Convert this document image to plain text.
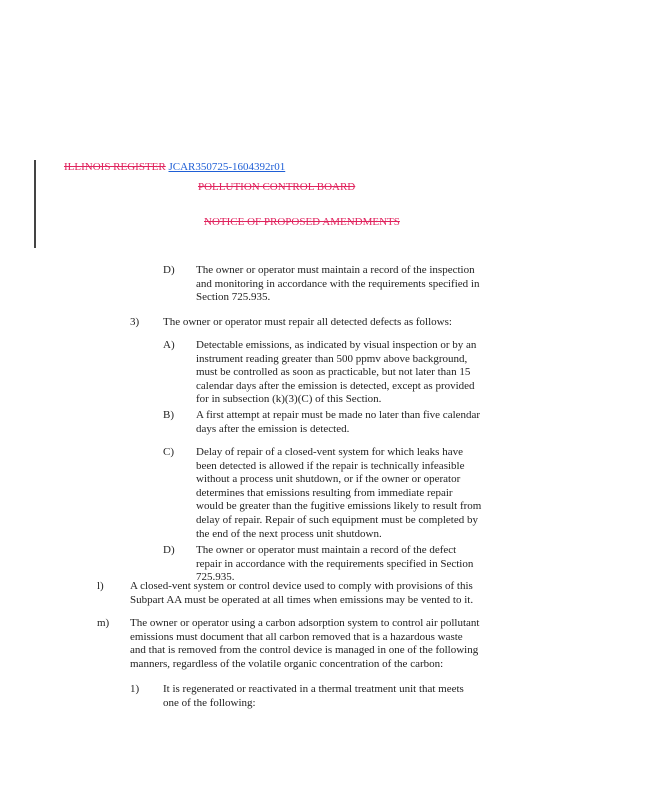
ILLINOIS REGISTER JCAR350725-1604392r01
POLLUTION CONTROL BOARD
NOTICE OF PROPOSED AMENDMENTS
D) The owner or operator must maintain a record of the inspection and monitoring in accordance with the requirements specified in Section 725.935.
3) The owner or operator must repair all detected defects as follows:
A) Detectable emissions, as indicated by visual inspection or by an instrument reading greater than 500 ppmv above background, must be controlled as soon as practicable, but not later than 15 calendar days after the emission is detected, except as provided for in subsection (k)(3)(C) of this Section.
B) A first attempt at repair must be made no later than five calendar days after the emission is detected.
C) Delay of repair of a closed-vent system for which leaks have been detected is allowed if the repair is technically infeasible without a process unit shutdown, or if the owner or operator determines that emissions resulting from immediate repair would be greater than the fugitive emissions likely to result from delay of repair. Repair of such equipment must be completed by the end of the next process unit shutdown.
D) The owner or operator must maintain a record of the defect repair in accordance with the requirements specified in Section 725.935.
l) A closed-vent system or control device used to comply with provisions of this Subpart AA must be operated at all times when emissions may be vented to it.
m) The owner or operator using a carbon adsorption system to control air pollutant emissions must document that all carbon removed that is a hazardous waste and that is removed from the control device is managed in one of the following manners, regardless of the volatile organic concentration of the carbon:
1) It is regenerated or reactivated in a thermal treatment unit that meets one of the following:
